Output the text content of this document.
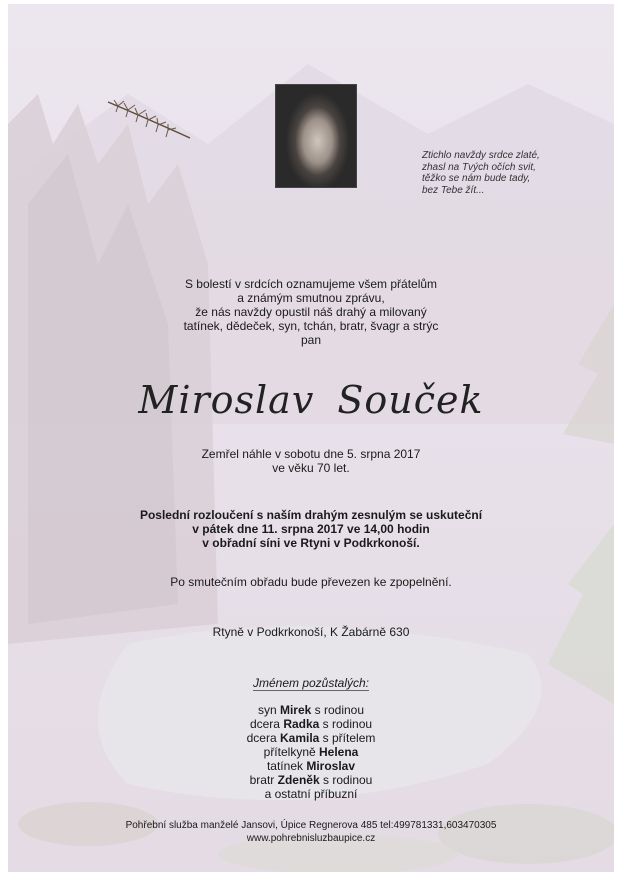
Ztichlo navždy srdce zlaté,
zhasl na Tvých očích svit,
těžko se nám bude tady,
bez Tebe žít...
S bolestí v srdcích oznamujeme všem přátelům
a známým smutnou zprávu,
že nás navždy opustil náš drahý a milovaný
tatínek, dědeček, syn, tchán, bratr, švagr a strýc
pan
Miroslav Souček
Zemřel náhle v sobotu dne 5. srpna 2017
ve věku 70 let.
Poslední rozloučení s naším drahým zesnulým se uskuteční
v pátek dne 11. srpna 2017 ve 14,00 hodin
v obřadní síni ve Rtyni v Podkrkonoší.
Po smutečním obřadu bude převezen ke zpopelnění.
Rtyně v Podkrkonoší, K Žabárně 630
Jménem pozůstalých:
syn Mirek s rodinou
dcera Radka s rodinou
dcera Kamila s přítelem
přítelkyně Helena
tatínek Miroslav
bratr Zdeněk s rodinou
a ostatní příbuzní
Pohřební služba manželé Jansovi, Úpice Regnerova 485 tel:499781331,603470305
www.pohrebnisluzbaupice.cz
